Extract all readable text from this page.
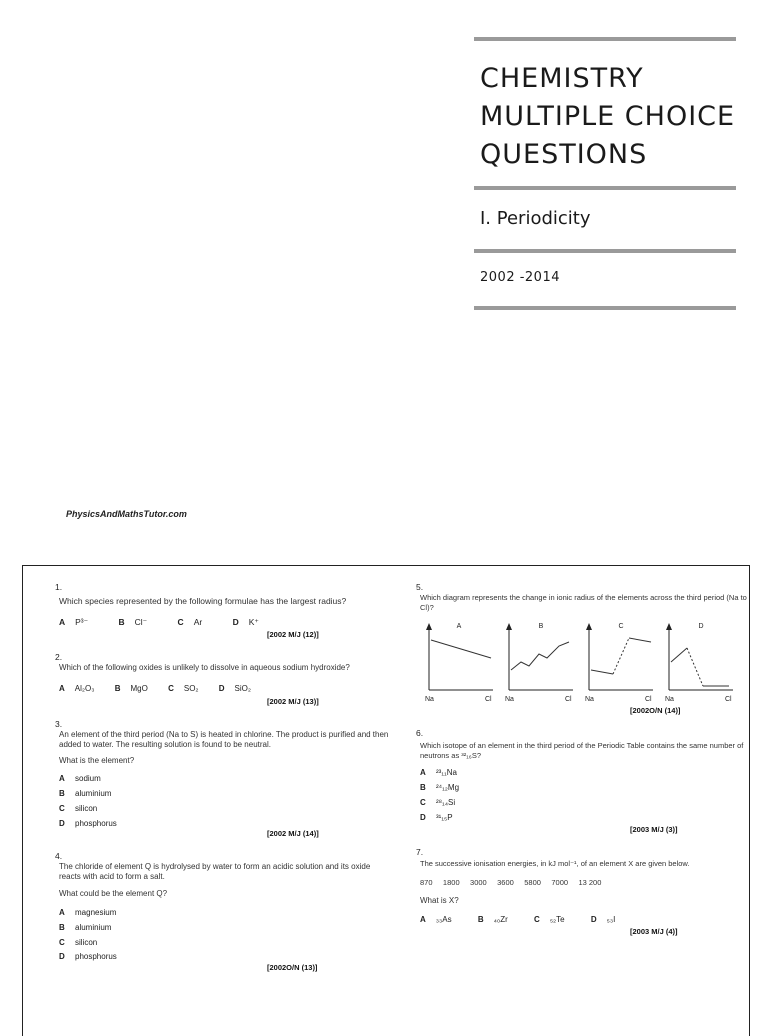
CHEMISTRY
MULTIPLE CHOICE
QUESTIONS
I. Periodicity
2002 -2014
PhysicsAndMathsTutor.com
1.
Which species represented by the following formulae has the largest radius?
A P³⁻	B Cl⁻	C Ar	D K⁺
[2002 M/J (12)]
2.
Which of the following oxides is unlikely to dissolve in aqueous sodium hydroxide?
A Al₂O₃	B MgO	C SO₂	D SiO₂
[2002 M/J (13)]
3.
An element of the third period (Na to S) is heated in chlorine. The product is purified and then added to water. The resulting solution is found to be neutral.
What is the element?
A sodium
B aluminium
C silicon
D phosphorus
[2002 M/J (14)]
4.
The chloride of element Q is hydrolysed by water to form an acidic solution and its oxide reacts with acid to form a salt.
What could be the element Q?
A magnesium
B aluminium
C silicon
D phosphorus
[2002O/N (13)]
5.
Which diagram represents the change in ionic radius of the elements across the third period (Na to Cl)?
A	B	C	D
Na	Cl Na	Cl Na	Cl Na	Cl
[2002O/N (14)]
6.
Which isotope of an element in the third period of the Periodic Table contains the same number of neutrons as ³²₁₆S?
A ²³₁₁Na
B ²⁴₁₂Mg
C ²⁸₁₄Si
D ³¹₁₅P
[2003 M/J (3)]
7.
The successive ionisation energies, in kJ mol⁻¹, of an element X are given below.
870     1800     3000     3600     5800     7000     13 200
What is X?
A ₃₃As	B ₄₀Zr	C ₅₂Te	D ₅₃I
[2003 M/J (4)]
